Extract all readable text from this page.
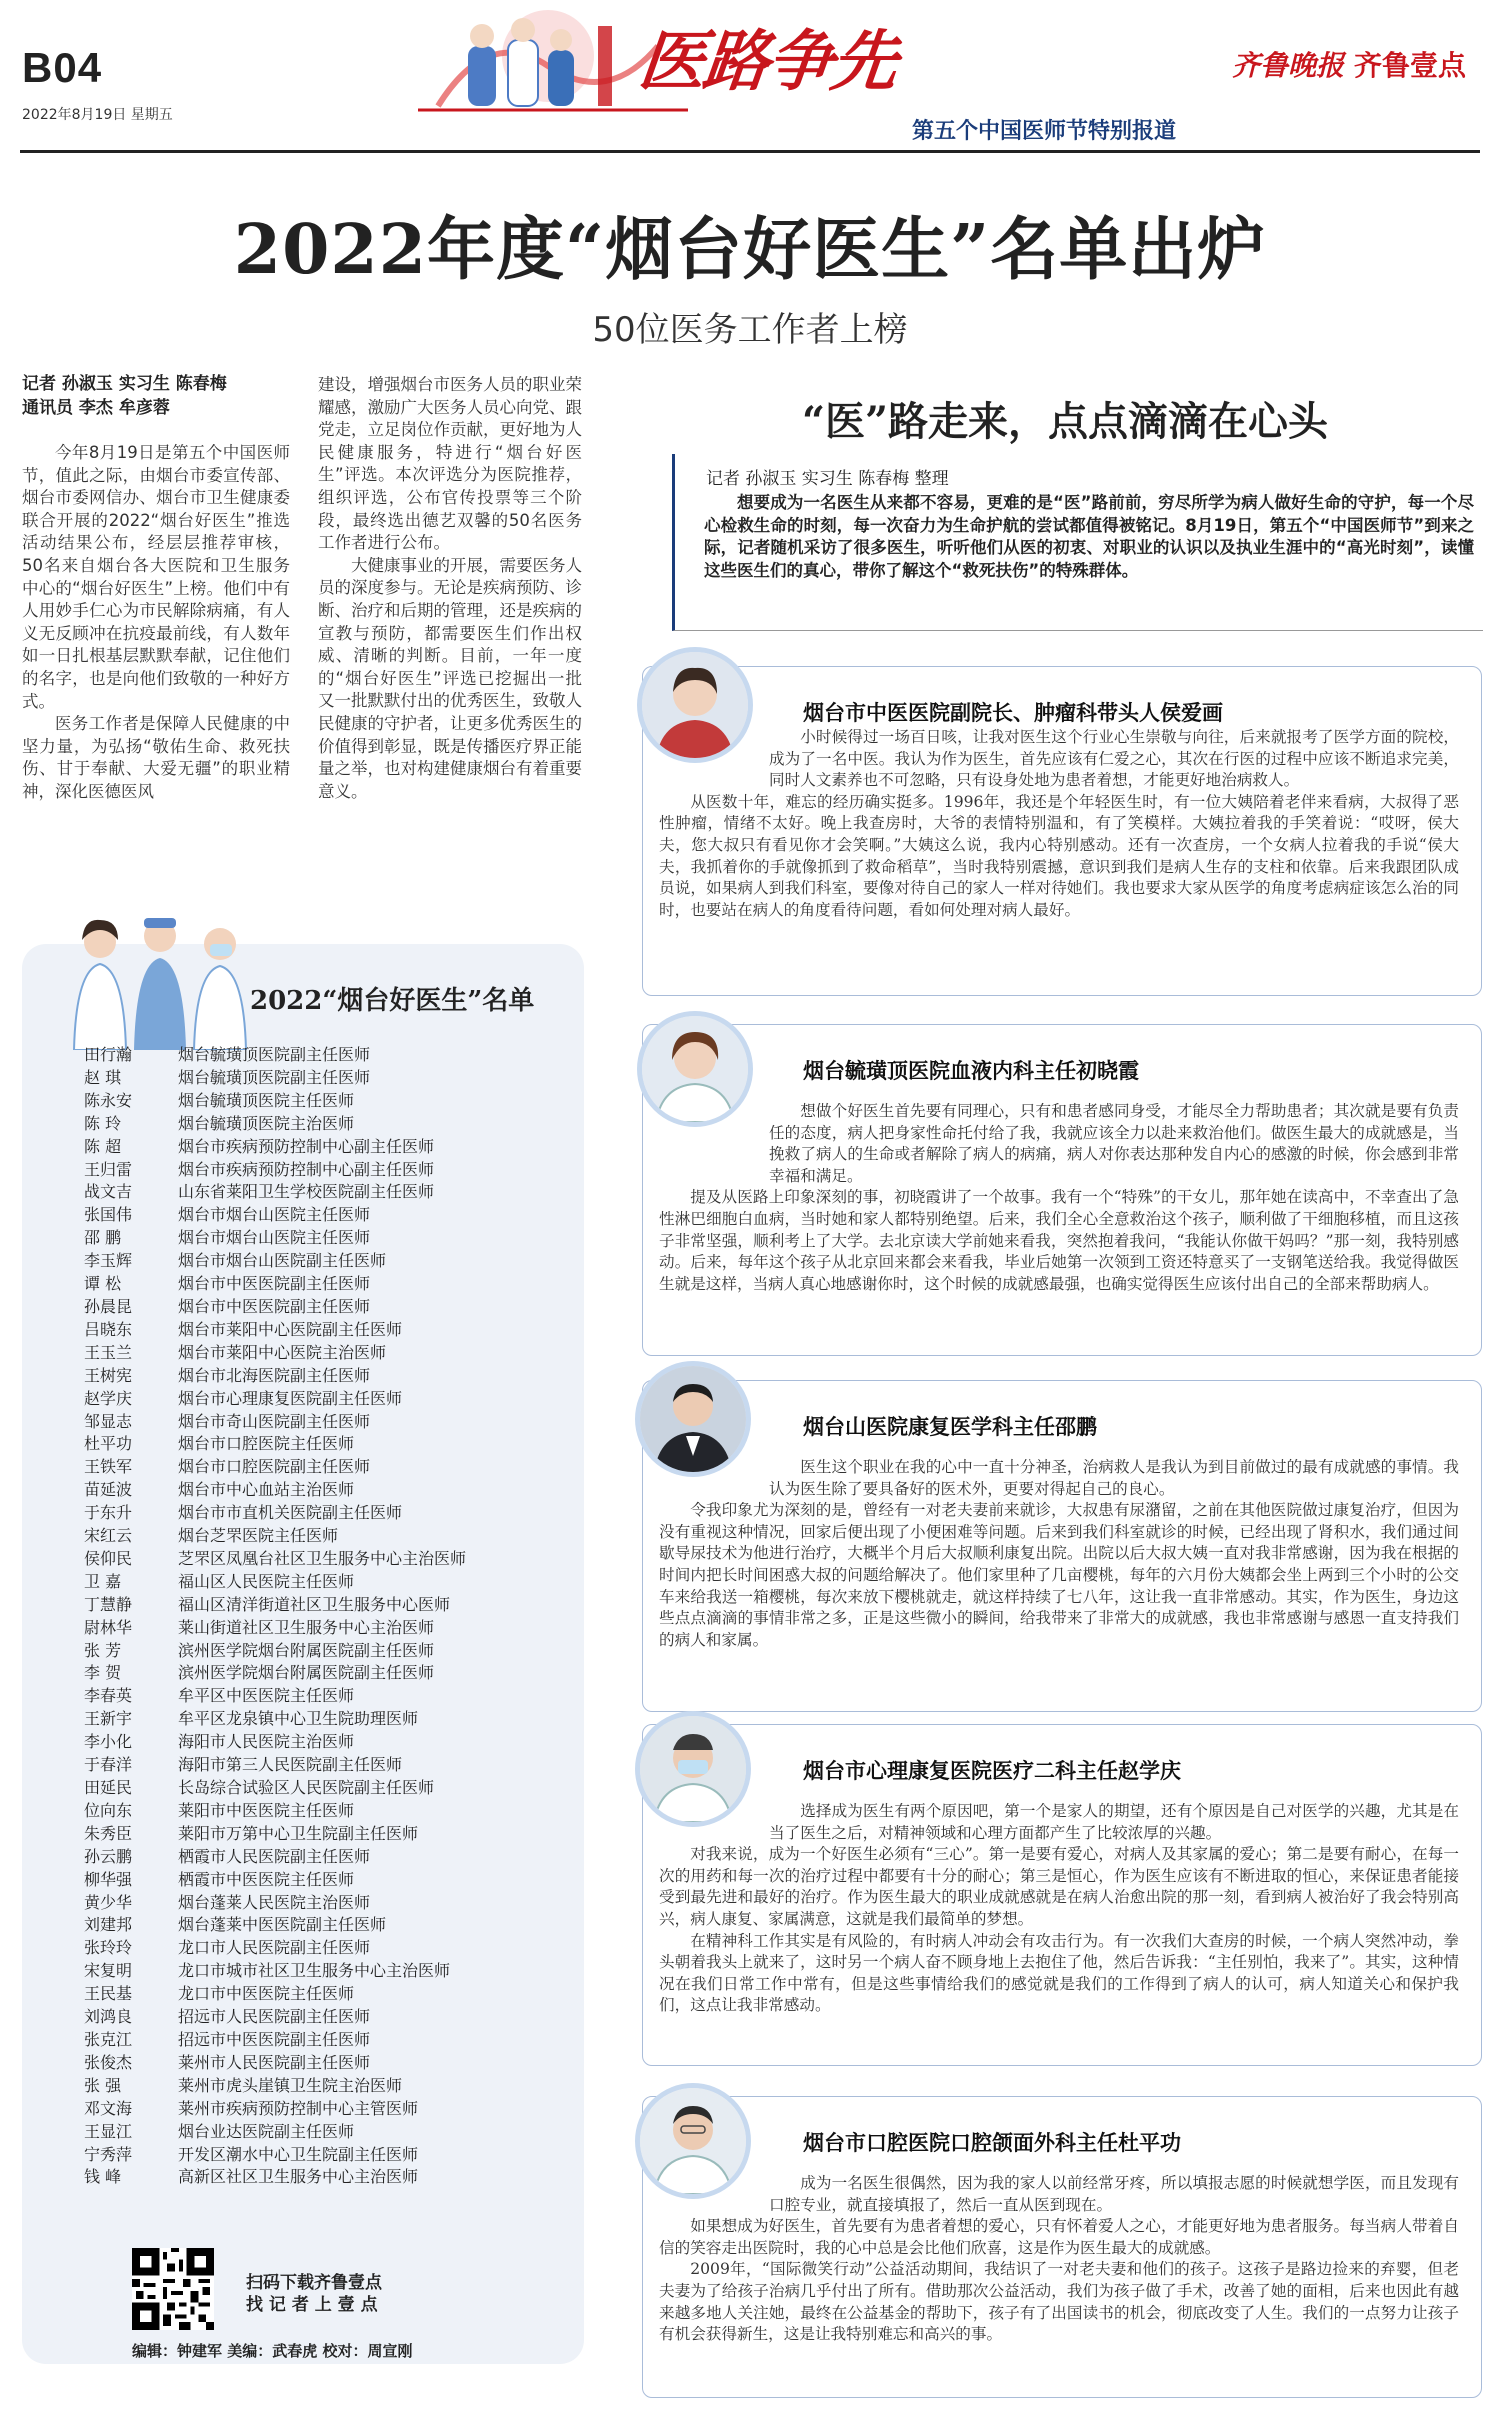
B04
2022年8月19日 星期五
医路争先
第五个中国医师节特别报道
齐鲁晚报 齐鲁壹点
2022年度“烟台好医生”名单出炉
50位医务工作者上榜
记者 孙淑玉 实习生 陈春梅
通讯员 李杰 牟彦蓉

今年8月19日是第五个中国医师节，值此之际，由烟台市委宣传部、烟台市委网信办、烟台市卫生健康委联合开展的2022“烟台好医生”推选活动结果公布，经层层推荐审核，50名来自烟台各大医院和卫生服务中心的“烟台好医生”上榜。他们中有人用妙手仁心为市民解除病痛，有人义无反顾冲在抗疫最前线，有人数年如一日扎根基层默默奉献，记住他们的名字，也是向他们致敬的一种好方式。

医务工作者是保障人民健康的中坚力量，为弘扬“敬佑生命、救死扶伤、甘于奉献、大爱无疆”的职业精神，深化医德医风

建设，增强烟台市医务人员的职业荣耀感，激励广大医务人员心向党、跟党走，立足岗位作贡献，更好地为人民健康服务，特进行“烟台好医生”评选。本次评选分为医院推荐，组织评选，公布官传投票等三个阶段，最终选出德艺双馨的50名医务工作者进行公布。

大健康事业的开展，需要医务人员的深度参与。无论是疾病预防、诊断、治疗和后期的管理，还是疾病的宣教与预防，都需要医生们作出权威、清晰的判断。目前，一年一度的“烟台好医生”评选已挖掘出一批又一批默默付出的优秀医生，致敬人民健康的守护者，让更多优秀医生的价值得到彰显，既是传播医疗界正能量之举，也对构建健康烟台有着重要意义。

“医”路走来，点点滴滴在心头
记者 孙淑玉 实习生 陈春梅 整理

想要成为一名医生从来都不容易，更难的是“医”路前前，穷尽所学为病人做好生命的守护，每一个尽心检救生命的时刻，每一次奋力为生命护航的尝试都值得被铭记。8月19日，第五个“中国医师节”到来之际，记者随机采访了很多医生，听听他们从医的初衷、对职业的认识以及执业生涯中的“高光时刻”，读懂这些医生们的真心，带你了解这个“救死扶伤”的特殊群体。

烟台市中医医院副院长、肿瘤科带头人侯爱画

小时候得过一场百日咳，让我对医生这个行业心生崇敬与向往，后来就报考了医学方面的院校，成为了一名中医。我认为作为医生，首先应该有仁爱之心，其次在行医的过程中应该不断追求完美，同时人文素养也不可忽略，只有设身处地为患者着想，才能更好地治病救人。

从医数十年，难忘的经历确实挺多。1996年，我还是个年轻医生时，有一位大姨陪着老伴来看病，大叔得了恶性肿瘤，情绪不太好。晚上我查房时，大爷的表情特别温和，有了笑模样。大姨拉着我的手笑着说：“哎呀，侯大夫，您大叔只有看见你才会笑啊。”大姨这么说，我内心特别感动。还有一次查房，一个女病人拉着我的手说“侯大夫，我抓着你的手就像抓到了救命稻草”，当时我特别震撼，意识到我们是病人生存的支柱和依靠。后来我跟团队成员说，如果病人到我们科室，要像对待自己的家人一样对待她们。我也要求大家从医学的角度考虑病症该怎么治的同时，也要站在病人的角度看待问题，看如何处理对病人最好。

烟台毓璜顶医院血液内科主任初晓霞

想做个好医生首先要有同理心，只有和患者感同身受，才能尽全力帮助患者；其次就是要有负责任的态度，病人把身家性命托付给了我，我就应该全力以赴来救治他们。做医生最大的成就感是，当挽救了病人的生命或者解除了病人的病痛，病人对你表达那种发自内心的感激的时候，你会感到非常幸福和满足。

提及从医路上印象深刻的事，初晓霞讲了一个故事。我有一个“特殊”的干女儿，那年她在读高中，不幸查出了急性淋巴细胞白血病，当时她和家人都特别绝望。后来，我们全心全意救治这个孩子，顺利做了干细胞移植，而且这孩子非常坚强，顺利考上了大学。去北京读大学前她来看我，突然抱着我问，“我能认你做干妈吗？”那一刻，我特别感动。后来，每年这个孩子从北京回来都会来看我，毕业后她第一次领到工资还特意买了一支钢笔送给我。我觉得做医生就是这样，当病人真心地感谢你时，这个时候的成就感最强，也确实觉得医生应该付出自己的全部来帮助病人。

烟台山医院康复医学科主任邵鹏

医生这个职业在我的心中一直十分神圣，治病救人是我认为到目前做过的最有成就感的事情。我认为医生除了要具备好的医术外，更要对得起自己的良心。

令我印象尤为深刻的是，曾经有一对老夫妻前来就诊，大叔患有尿潴留，之前在其他医院做过康复治疗，但因为没有重视这种情况，回家后便出现了小便困难等问题。后来到我们科室就诊的时候，已经出现了肾积水，我们通过间歇导尿技术为他进行治疗，大概半个月后大叔顺利康复出院。出院以后大叔大姨一直对我非常感谢，因为我在根据的时间内把长时间困惑大叔的问题给解决了。他们家里种了几亩樱桃，每年的六月份大姨都会坐上两到三个小时的公交车来给我送一箱樱桃，每次来放下樱桃就走，就这样持续了七八年，这让我一直非常感动。其实，作为医生，身边这些点点滴滴的事情非常之多，正是这些微小的瞬间，给我带来了非常大的成就感，我也非常感谢与感恩一直支持我们的病人和家属。

烟台市心理康复医院医疗二科主任赵学庆

选择成为医生有两个原因吧，第一个是家人的期望，还有个原因是自己对医学的兴趣，尤其是在当了医生之后，对精神领域和心理方面都产生了比较浓厚的兴趣。

对我来说，成为一个好医生必须有“三心”。第一是要有爱心，对病人及其家属的爱心；第二是要有耐心，在每一次的用药和每一次的治疗过程中都要有十分的耐心；第三是恒心，作为医生应该有不断进取的恒心，来保证患者能接受到最先进和最好的治疗。作为医生最大的职业成就感就是在病人治愈出院的那一刻，看到病人被治好了我会特别高兴，病人康复、家属满意，这就是我们最简单的梦想。

在精神科工作其实是有风险的，有时病人冲动会有攻击行为。有一次我们大查房的时候，一个病人突然冲动，拳头朝着我头上就来了，这时另一个病人奋不顾身地上去抱住了他，然后告诉我：“主任别怕，我来了”。其实，这种情况在我们日常工作中常有，但是这些事情给我们的感觉就是我们的工作得到了病人的认可，病人知道关心和保护我们，这点让我非常感动。

烟台市口腔医院口腔颌面外科主任杜平功

成为一名医生很偶然，因为我的家人以前经常牙疼，所以填报志愿的时候就想学医，而且发现有口腔专业，就直接填报了，然后一直从医到现在。

如果想成为好医生，首先要有为患者着想的爱心，只有怀着爱人之心，才能更好地为患者服务。每当病人带着自信的笑容走出医院时，我的心中总是会比他们欣喜，这是作为医生最大的成就感。

2009年，“国际微笑行动”公益活动期间，我结识了一对老夫妻和他们的孩子。这孩子是路边捡来的弃婴，但老夫妻为了给孩子治病几乎付出了所有。借助那次公益活动，我们为孩子做了手术，改善了她的面相，后来也因此有越来越多地人关注她，最终在公益基金的帮助下，孩子有了出国读书的机会，彻底改变了人生。我们的一点努力让孩子有机会获得新生，这是让我特别难忘和高兴的事。

2022“烟台好医生”名单
田行瀚	烟台毓璜顶医院副主任医师
赵 琪	烟台毓璜顶医院副主任医师
陈永安	烟台毓璜顶医院主任医师
陈 玲	烟台毓璜顶医院主治医师
陈 超	烟台市疾病预防控制中心副主任医师
王归雷	烟台市疾病预防控制中心副主任医师
战文吉	山东省莱阳卫生学校医院副主任医师
张国伟	烟台市烟台山医院主任医师
邵 鹏	烟台市烟台山医院主任医师
李玉辉	烟台市烟台山医院副主任医师
谭 松	烟台市中医医院副主任医师
孙晨昆	烟台市中医医院副主任医师
吕晓东	烟台市莱阳中心医院副主任医师
王玉兰	烟台市莱阳中心医院主治医师
王树宪	烟台市北海医院副主任医师
赵学庆	烟台市心理康复医院副主任医师
邹显志	烟台市奇山医院副主任医师
杜平功	烟台市口腔医院主任医师
王铁军	烟台市口腔医院副主任医师
苗延波	烟台市中心血站主治医师
于东升	烟台市市直机关医院副主任医师
宋红云	烟台芝罘医院主任医师
侯仰民	芝罘区凤凰台社区卫生服务中心主治医师
卫 嘉	福山区人民医院主任医师
丁慧静	福山区清洋街道社区卫生服务中心医师
尉林华	莱山街道社区卫生服务中心主治医师
张 芳	滨州医学院烟台附属医院副主任医师
李 贺	滨州医学院烟台附属医院副主任医师
李春英	牟平区中医医院主任医师
王新宇	牟平区龙泉镇中心卫生院助理医师
李小化	海阳市人民医院主治医师
于春洋	海阳市第三人民医院副主任医师
田延民	长岛综合试验区人民医院副主任医师
位向东	莱阳市中医医院主任医师
朱秀臣	莱阳市万第中心卫生院副主任医师
孙云鹏	栖霞市人民医院副主任医师
柳华强	栖霞市中医医院主任医师
黄少华	烟台蓬莱人民医院主治医师
刘建邦	烟台蓬莱中医医院副主任医师
张玲玲	龙口市人民医院副主任医师
宋复明	龙口市城市社区卫生服务中心主治医师
王民基	龙口市中医医院主任医师
刘鸿良	招远市人民医院副主任医师
张克江	招远市中医医院副主任医师
张俊杰	莱州市人民医院副主任医师
张 强	莱州市虎头崖镇卫生院主治医师
邓文海	莱州市疾病预防控制中心主管医师
王显江	烟台业达医院副主任医师
宁秀萍	开发区潮水中心卫生院副主任医师
钱 峰	高新区社区卫生服务中心主治医师
扫码下载齐鲁壹点
找 记 者 上 壹 点
编辑：钟建军 美编：武春虎 校对：周宣刚
